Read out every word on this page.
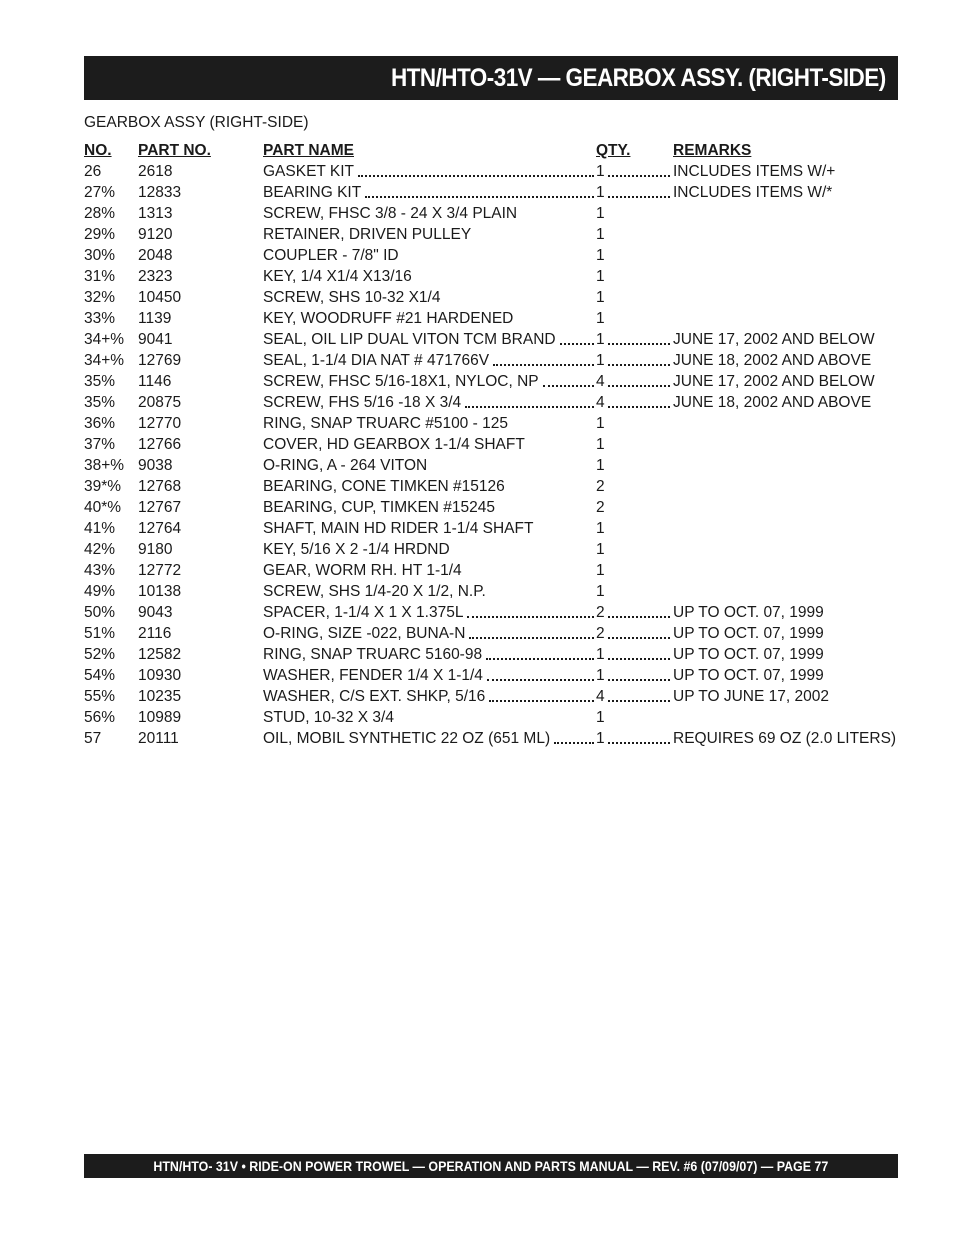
HTN/HTO-31V — GEARBOX ASSY. (RIGHT-SIDE)
GEARBOX ASSY (RIGHT-SIDE)
NO. PART NO.	PART NAME	QTY.	REMARKS
26 2618	GASKET KIT	1	INCLUDES ITEMS W/+
27% 12833	BEARING KIT	1	INCLUDES ITEMS W/*
28% 1313	SCREW, FHSC 3/8 - 24 X 3/4 PLAIN	1
29% 9120	RETAINER, DRIVEN PULLEY	1
30% 2048	COUPLER - 7/8" ID	1
31% 2323	KEY, 1/4 X1/4 X13/16	1
32% 10450	SCREW, SHS 10-32 X1/4	1
33% 1139	KEY, WOODRUFF #21 HARDENED	1
34+% 9041	SEAL, OIL LIP DUAL VITON TCM BRAND	1	JUNE 17, 2002 AND BELOW
34+% 12769	SEAL, 1-1/4 DIA NAT # 471766V	1	JUNE 18, 2002 AND ABOVE
35% 1146	SCREW, FHSC 5/16-18X1, NYLOC, NP	4	JUNE 17, 2002 AND BELOW
35% 20875	SCREW, FHS 5/16 -18 X 3/4	4	JUNE 18, 2002 AND ABOVE
36% 12770	RING, SNAP TRUARC #5100 - 125	1
37% 12766	COVER, HD GEARBOX 1-1/4 SHAFT	1
38+% 9038	O-RING, A - 264 VITON	1
39*% 12768	BEARING, CONE TIMKEN #15126	2
40*% 12767	BEARING, CUP, TIMKEN #15245	2
41% 12764	SHAFT, MAIN HD RIDER 1-1/4 SHAFT	1
42% 9180	KEY, 5/16 X 2 -1/4 HRDND	1
43% 12772	GEAR, WORM RH. HT 1-1/4	1
49% 10138	SCREW, SHS 1/4-20 X 1/2, N.P.	1
50% 9043	SPACER, 1-1/4 X 1 X 1.375L	2	UP TO OCT. 07, 1999
51% 2116	O-RING, SIZE -022, BUNA-N	2	UP TO OCT. 07, 1999
52% 12582	RING, SNAP TRUARC 5160-98	1	UP TO OCT. 07, 1999
54% 10930	WASHER, FENDER 1/4 X 1-1/4	1	UP TO OCT. 07, 1999
55% 10235	WASHER, C/S EXT. SHKP, 5/16	4	UP TO JUNE 17, 2002
56% 10989	STUD, 10-32 X 3/4	1
57 20111	OIL, MOBIL SYNTHETIC 22 OZ (651 ML)	1	REQUIRES 69 OZ (2.0 LITERS)
HTN/HTO- 31V • RIDE-ON POWER TROWEL — OPERATION AND PARTS MANUAL — REV. #6 (07/09/07) — PAGE 77
